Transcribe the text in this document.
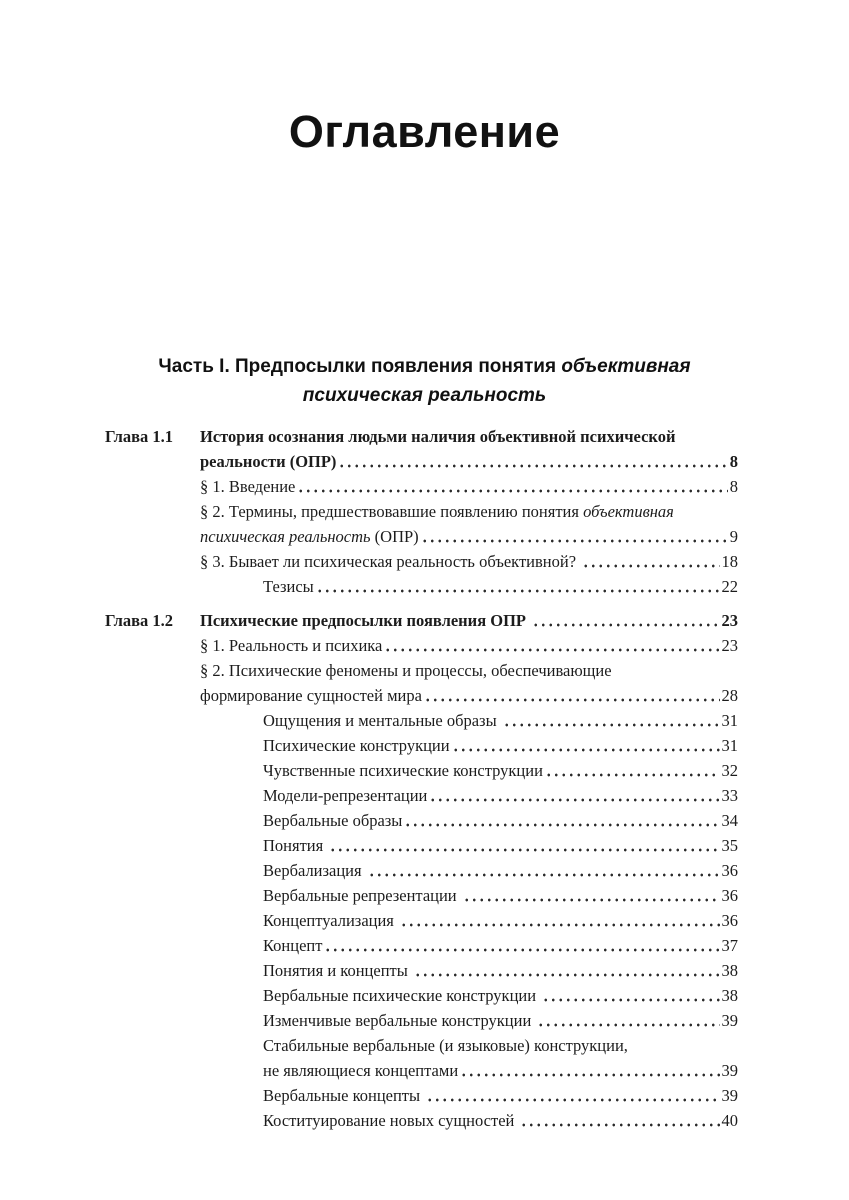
Оглавление
Часть I. Предпосылки появления понятия объективная
психическая реальность
Глава 1.1	История осознания людьми наличия объективной психической
реальности (ОПР)	8
§ 1. Введение	8
§ 2. Термины, предшествовавшие появлению понятия объективная
психическая реальность (ОПР)	9
§ 3. Бывает ли психическая реальность объективной?	18
Тезисы	22
Глава 1.2	Психические предпосылки появления ОПР	23
§ 1. Реальность и психика	23
§ 2. Психические феномены и процессы, обеспечивающие
формирование сущностей мира	28
Ощущения и ментальные образы	31
Психические конструкции	31
Чувственные психические конструкции	32
Модели-репрезентации	33
Вербальные образы	34
Понятия	35
Вербализация	36
Вербальные репрезентации	36
Концептуализация	36
Концепт	37
Понятия и концепты	38
Вербальные психические конструкции	38
Изменчивые вербальные конструкции	39
Стабильные вербальные (и языковые) конструкции,
не являющиеся концептами	39
Вербальные концепты	39
Коституирование новых сущностей	40
